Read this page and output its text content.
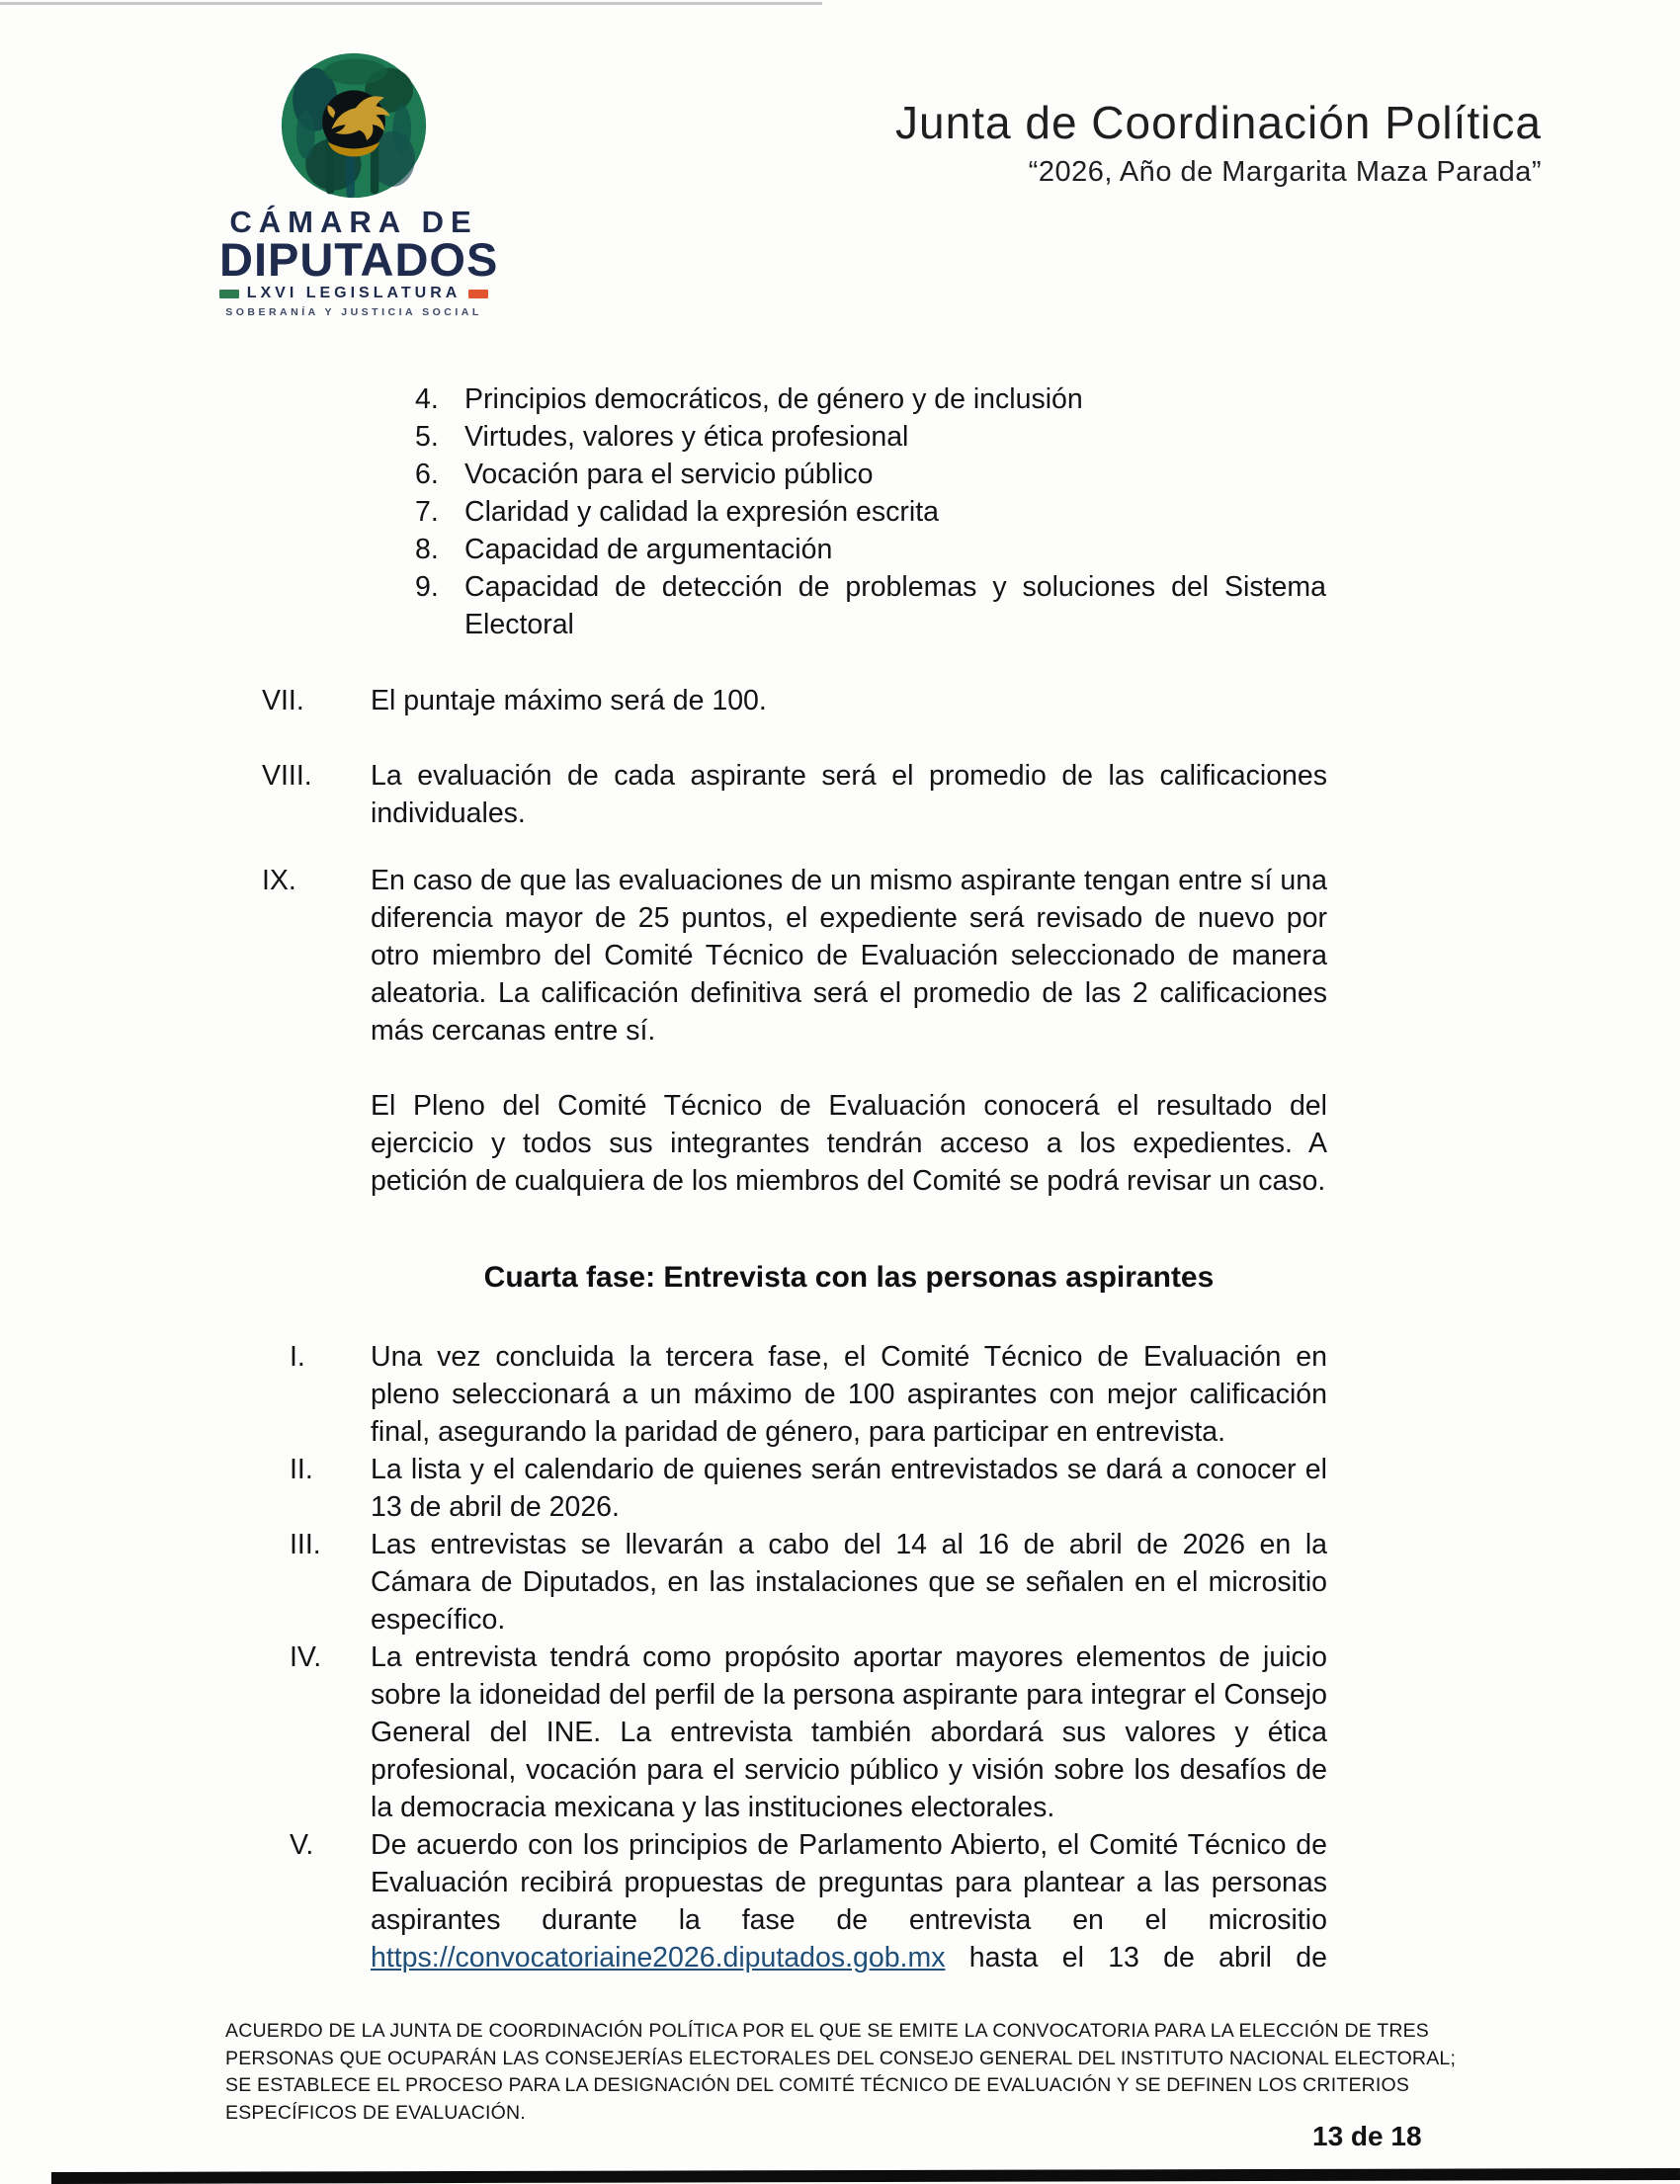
CÁMARA DE
DIPUTADOS
LXVI LEGISLATURA
SOBERANÍA Y JUSTICIA SOCIAL
Junta de Coordinación Política
“2026, Año de Margarita Maza Parada”
4. Principios democráticos, de género y de inclusión
5. Virtudes, valores y ética profesional
6. Vocación para el servicio público
7. Claridad y calidad la expresión escrita
8. Capacidad de argumentación
9. Capacidad de detección de problemas y soluciones del Sistema Electoral
VII.	El puntaje máximo será de 100.
VIII.	La evaluación de cada aspirante será el promedio de las calificaciones individuales.
IX.	En caso de que las evaluaciones de un mismo aspirante tengan entre sí una diferencia mayor de 25 puntos, el expediente será revisado de nuevo por otro miembro del Comité Técnico de Evaluación seleccionado de manera aleatoria. La calificación definitiva será el promedio de las 2 calificaciones más cercanas entre sí.
El Pleno del Comité Técnico de Evaluación conocerá el resultado del ejercicio y todos sus integrantes tendrán acceso a los expedientes. A petición de cualquiera de los miembros del Comité se podrá revisar un caso.
Cuarta fase: Entrevista con las personas aspirantes
I.	Una vez concluida la tercera fase, el Comité Técnico de Evaluación en pleno seleccionará a un máximo de 100 aspirantes con mejor calificación final, asegurando la paridad de género, para participar en entrevista.
II.	La lista y el calendario de quienes serán entrevistados se dará a conocer el 13 de abril de 2026.
III.	Las entrevistas se llevarán a cabo del 14 al 16 de abril de 2026 en la Cámara de Diputados, en las instalaciones que se señalen en el micrositio específico.
IV.	La entrevista tendrá como propósito aportar mayores elementos de juicio sobre la idoneidad del perfil de la persona aspirante para integrar el Consejo General del INE. La entrevista también abordará sus valores y ética profesional, vocación para el servicio público y visión sobre los desafíos de la democracia mexicana y las instituciones electorales.
V.	De acuerdo con los principios de Parlamento Abierto, el Comité Técnico de Evaluación recibirá propuestas de preguntas para plantear a las personas aspirantes durante la fase de entrevista en el micrositio https://convocatoriaine2026.diputados.gob.mx hasta el 13 de abril de
ACUERDO DE LA JUNTA DE COORDINACIÓN POLÍTICA POR EL QUE SE EMITE LA CONVOCATORIA PARA LA ELECCIÓN DE TRES PERSONAS QUE OCUPARÁN LAS CONSEJERÍAS ELECTORALES DEL CONSEJO GENERAL DEL INSTITUTO NACIONAL ELECTORAL; SE ESTABLECE EL PROCESO PARA LA DESIGNACIÓN DEL COMITÉ TÉCNICO DE EVALUACIÓN Y SE DEFINEN LOS CRITERIOS ESPECÍFICOS DE EVALUACIÓN.
13 de 18
